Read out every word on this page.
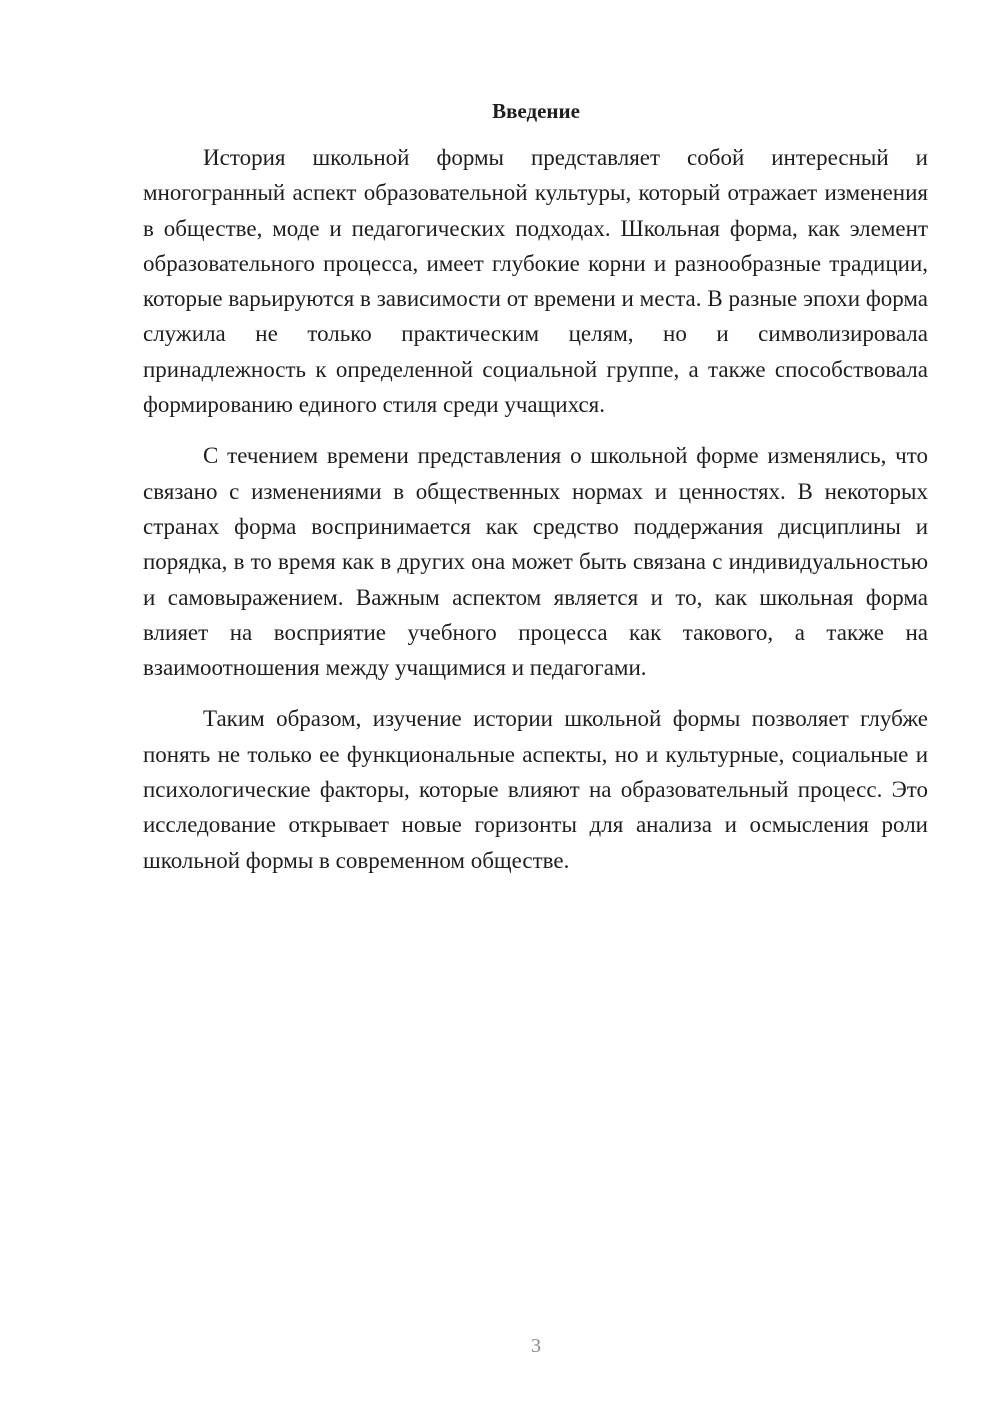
Введение

История школьной формы представляет собой интересный и многогранный аспект образовательной культуры, который отражает изменения в обществе, моде и педагогических подходах. Школьная форма, как элемент образовательного процесса, имеет глубокие корни и разнообразные традиции, которые варьируются в зависимости от времени и места. В разные эпохи форма служила не только практическим целям, но и символизировала принадлежность к определенной социальной группе, а также способствовала формированию единого стиля среди учащихся.

С течением времени представления о школьной форме изменялись, что связано с изменениями в общественных нормах и ценностях. В некоторых странах форма воспринимается как средство поддержания дисциплины и порядка, в то время как в других она может быть связана с индивидуальностью и самовыражением. Важным аспектом является и то, как школьная форма влияет на восприятие учебного процесса как такового, а также на взаимоотношения между учащимися и педагогами.

Таким образом, изучение истории школьной формы позволяет глубже понять не только ее функциональные аспекты, но и культурные, социальные и психологические факторы, которые влияют на образовательный процесс. Это исследование открывает новые горизонты для анализа и осмысления роли школьной формы в современном обществе.

3
